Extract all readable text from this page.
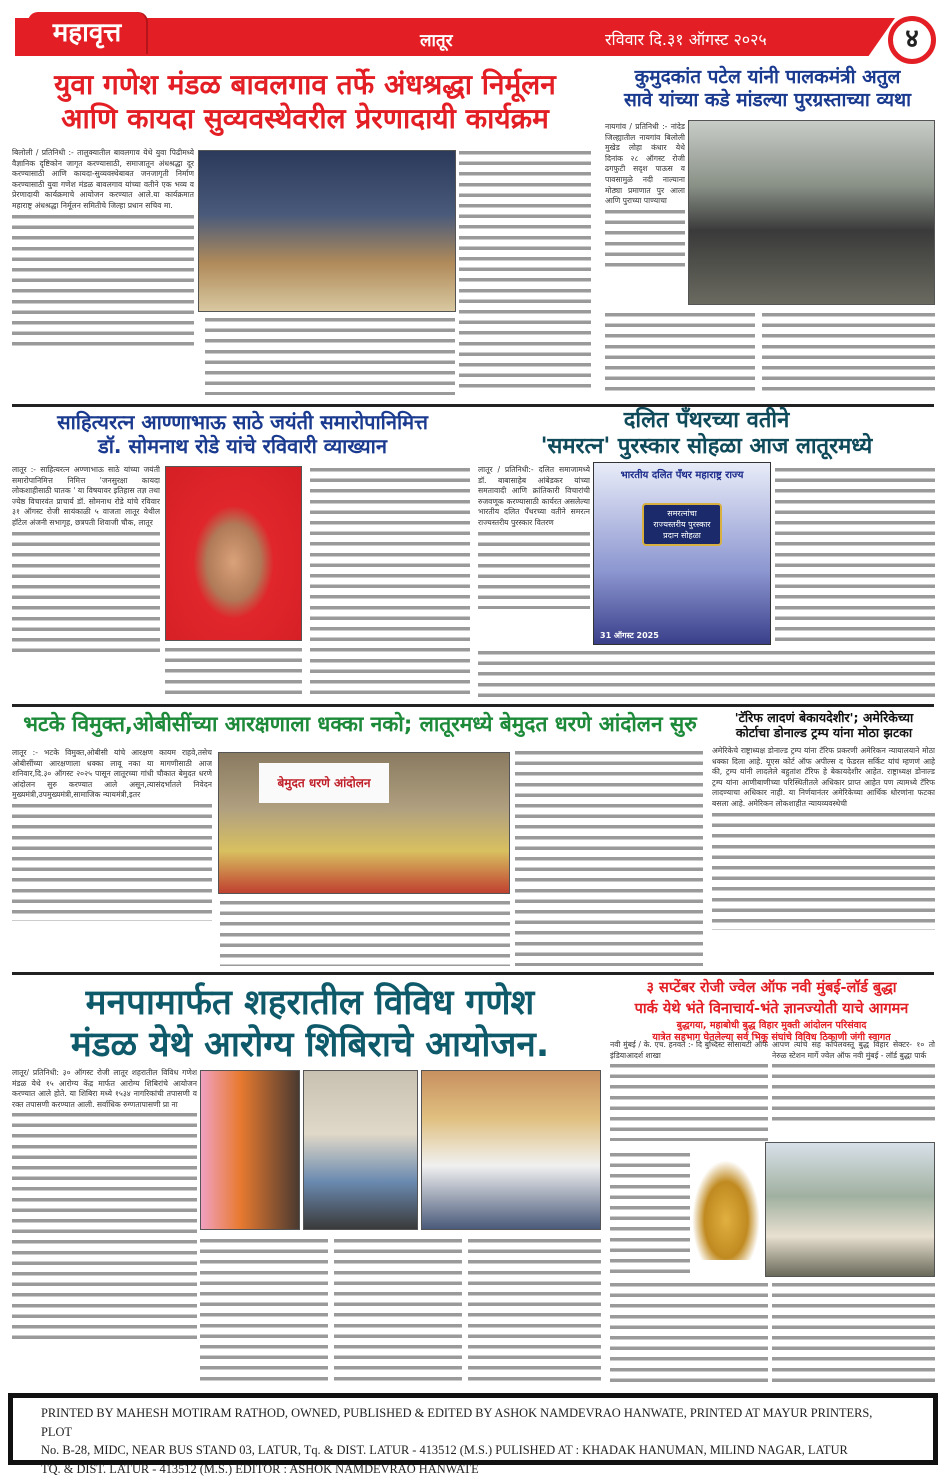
महावृत्त	लातूर	रविवार दि.३१ ऑगस्ट २०२५	४
युवा गणेश मंडळ बावलगाव तर्फे अंधश्रद्धा निर्मूलन
आणि कायदा सुव्यवस्थेवरील प्रेरणादायी कार्यक्रम
बिलोली / प्रतिनिधी :- तालुक्यातील बावलगाव येथे युवा पिढीमध्ये वैज्ञानिक दृष्टिकोन जागृत करण्यासाठी, समाजातून अंधश्रद्धा दूर करण्यासाठी आणि कायदा-सुव्यवस्थेबाबत जनजागृती निर्माण करण्यासाठी युवा गणेश मंडळ बावलगाव यांच्या वतीने एक भव्य व प्रेरणादायी कार्यक्रमाचे आयोजन करण्यात आले.या कार्यक्रमात महाराष्ट्र अंधश्रद्धा निर्मूलन समितीचे जिल्हा प्रधान सचिव मा.
कुमुदकांत पटेल यांनी पालकमंत्री अतुल
सावे यांच्या कडे मांडल्या पुरग्रस्ताच्या व्यथा
नायगांव / प्रतिनिधी :- नांदेड जिल्ह्यातील नायगांव बिलोली मुखेड लोहा कंधार येथे दिनांक २८ ऑगस्ट रोजी ढगफुटी सदृश पाऊस व पावसामुळे नदी नाल्याना मोठ्या प्रमाणात पुर आला आणि पुराच्या पाण्याचा
साहित्यरत्न आण्णाभाऊ साठे जयंती समारोपानिमित्त
डॉ. सोमनाथ रोडे यांचे रविवारी व्याख्यान
लातूर :- साहित्यरत्न अण्णाभाऊ साठे यांच्या जयंती समारोपानिमित्त निमित्त 'जनसुरक्षा कायदा लोकशाहीसाठी घातक ' या विषयावर इतिहास तज्ञ तथा ज्येष्ठ विचारवंत प्राचार्य डॉ. सोमनाथ रोडे यांचे रविवार ३१ ऑगस्ट रोजी सायंकाळी ५ वाजता लातूर येथील हॉटेल अंजनी सभागृह, छत्रपती शिवाजी चौक, लातूर
दलित पँथरच्या वतीने
'समरत्न' पुरस्कार सोहळा आज लातूरमध्ये
लातूर / प्रतिनिधी:- दलित समाजामध्ये डॉ. बाबासाहेब आंबेडकर यांच्या समतावादी आणि क्रांतिकारी विचारांची रुजवणूक करण्यासाठी कार्यरत असलेल्या भारतीय दलित पँथरच्या वतीने समरत्न राज्यस्तरीय पुरस्कार वितरण
भारतीय दलित पँथर महाराष्ट्र राज्य
समरत्नांचा
राज्यस्तरीय पुरस्कार
प्रदान सोहळा
31 ऑगस्ट 2025
भटके विमुक्त,ओबीसींच्या आरक्षणाला धक्का नको; लातूरमध्ये बेमुदत धरणे आंदोलन सुरु
लातूर :- भटके विमुक्त,ओबीसी यांचे आरक्षण कायम राहवे,तसेच ओबीसींच्या आरक्षणाला धक्का लावू नका या मागणीसाठी आज शनिवार,दि.३० ऑगस्ट २०२५ पासून लातूरच्या गांधी चौकात बेमुदत धरणे आंदोलन सुरु करण्यात आले असून,त्यासंदर्भातले निवेदन मुख्यमंत्री,उपमुख्यमंत्री,सामाजिक न्यायमंत्री,इतर
बेमुदत धरणे आंदोलन
'टॅरिफ लादणं बेकायदेशीर'; अमेरिकेच्या
कोर्टाचा डोनाल्ड ट्रम्प यांना मोठा झटका
अमेरिकेचे राष्ट्राध्यक्ष डोनाल्ड ट्रम्प यांना टॅरिफ प्रकरणी अमेरिकन न्यायालयाने मोठा धक्का दिला आहे. यूएस कोर्ट ऑफ अपील्स द फेडरल सर्किट यांचं म्हणणं आहे की, ट्रम्प यांनी लादलेले बहुतांश टॅरिफ हे बेकायदेशीर आहेत. राष्ट्राध्यक्ष डोनाल्ड ट्रम्प यांना आणीबाणीच्या परिस्थितीतले अधिकार प्राप्त आहेत पण त्यामध्ये टॅरिफ लादण्याचा अधिकार नाही. या निर्णयानंतर अमेरिकेच्या आर्थिक धोरणांना फटका बसला आहे. अमेरिकन लोकशाहीत न्यायव्यवस्थेची
मनपामार्फत शहरातील विविध गणेश
मंडळ येथे आरोग्य शिबिराचे आयोजन.
लातूर/ प्रतिनिधी: ३० ऑगस्ट रोजी लातूर शहरातील विविध गणेश मंडळ येथे १५ आरोग्य केंद्र मार्फत आरोग्य शिबिरांचे आयोजन करण्यात आले होते. या शिबिरा मध्ये १५३४ नागरिकांची तपासणी व रक्त तपासणी करण्यात आली. सर्वाधिक रुग्णतापासणी प्रा ना
३ सप्टेंबर रोजी ज्वेल ऑफ नवी मुंबई-लॉर्ड बुद्धा
पार्क येथे भंते विनाचार्य-भंते ज्ञानज्योती याचे आगमन
बुद्धगया, महाबोधी बुद्ध विहार मुक्ती आंदोलन परिसंवाद
यात्रेत सहभाग घेतलेल्या सर्व भिकू संघांचे विविध ठिकाणी जंगी स्वागत
नवी मुंबई / के. एच. हनवते :- दि बुध्दिस्ट सोसायटी ऑफ इंडियाआदर्श शाखा
आपण त्यांचे सह कपिलवस्तू बुद्ध विहार सेक्टर- १० तो नेरुळ स्टेशन मार्गे ज्वेल ऑफ नवी मुंबई - लॉर्ड बुद्धा पार्क
PRINTED BY MAHESH MOTIRAM RATHOD, OWNED, PUBLISHED & EDITED BY ASHOK NAMDEVRAO HANWATE, PRINTED AT MAYUR PRINTERS, PLOT
No. B-28, MIDC, NEAR BUS STAND 03, LATUR, Tq. & DIST. LATUR - 413512 (M.S.) PULISHED AT : KHADAK HANUMAN, MILIND NAGAR, LATUR
TQ. & DIST. LATUR - 413512 (M.S.) EDITOR : ASHOK NAMDEVRAO HANWATE
